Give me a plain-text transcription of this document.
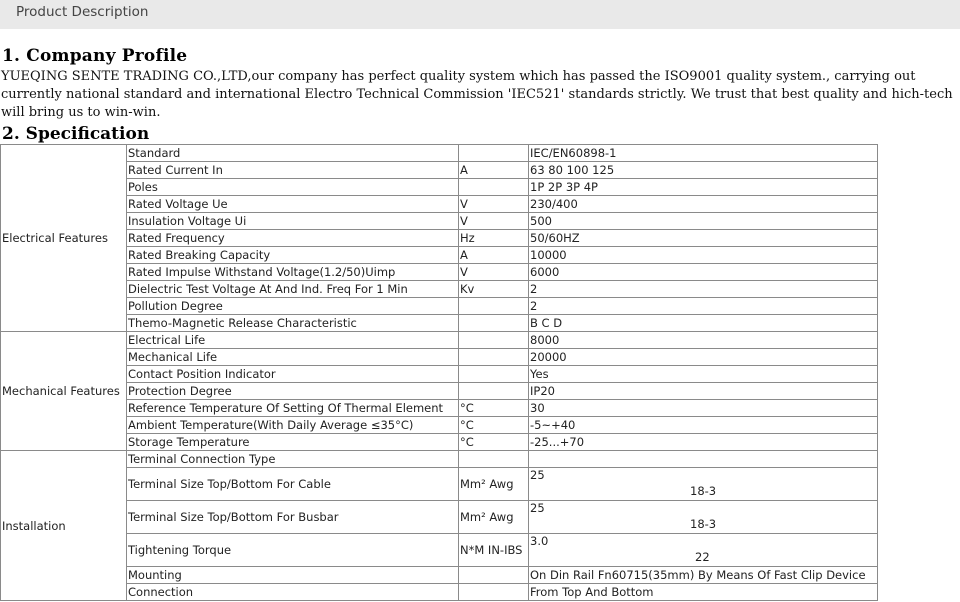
Product Description
1. Company Profile
YUEQING SENTE TRADING CO.,LTD,our company has perfect quality system which has passed the ISO9001 quality system., carrying out currently national standard and international Electro Technical Commission 'IEC521' standards strictly. We trust that best quality and hich-tech will bring us to win-win.
2. Specification
Electrical Features	Standard		IEC/EN60898-1
	Rated Current In	A	63 80 100 125
	Poles		1P 2P 3P 4P
	Rated Voltage Ue	V	230/400
	Insulation Voltage Ui	V	500
	Rated Frequency	Hz	50/60HZ
	Rated Breaking Capacity	A	10000
	Rated Impulse Withstand Voltage(1.2/50)Uimp	V	6000
	Dielectric Test Voltage At And Ind. Freq For 1 Min	Kv	2
	Pollution Degree		2
	Themo-Magnetic Release Characteristic		B C D
Mechanical Features	Electrical Life		8000
	Mechanical Life		20000
	Contact Position Indicator		Yes
	Protection Degree		IP20
	Reference Temperature Of Setting Of Thermal Element	°C	30
	Ambient Temperature(With Daily Average ≤35°C)	°C	-5~+40
	Storage Temperature	°C	-25...+70
Installation	Terminal Connection Type		
	Terminal Size Top/Bottom For Cable	Mm² Awg	25
18-3

	Terminal Size Top/Bottom For Busbar	Mm² Awg	25
18-3

	Tightening Torque	N*M IN-IBS	3.0
22

	Mounting		On Din Rail Fn60715(35mm) By Means Of Fast Clip Device
	Connection		From Top And Bottom
